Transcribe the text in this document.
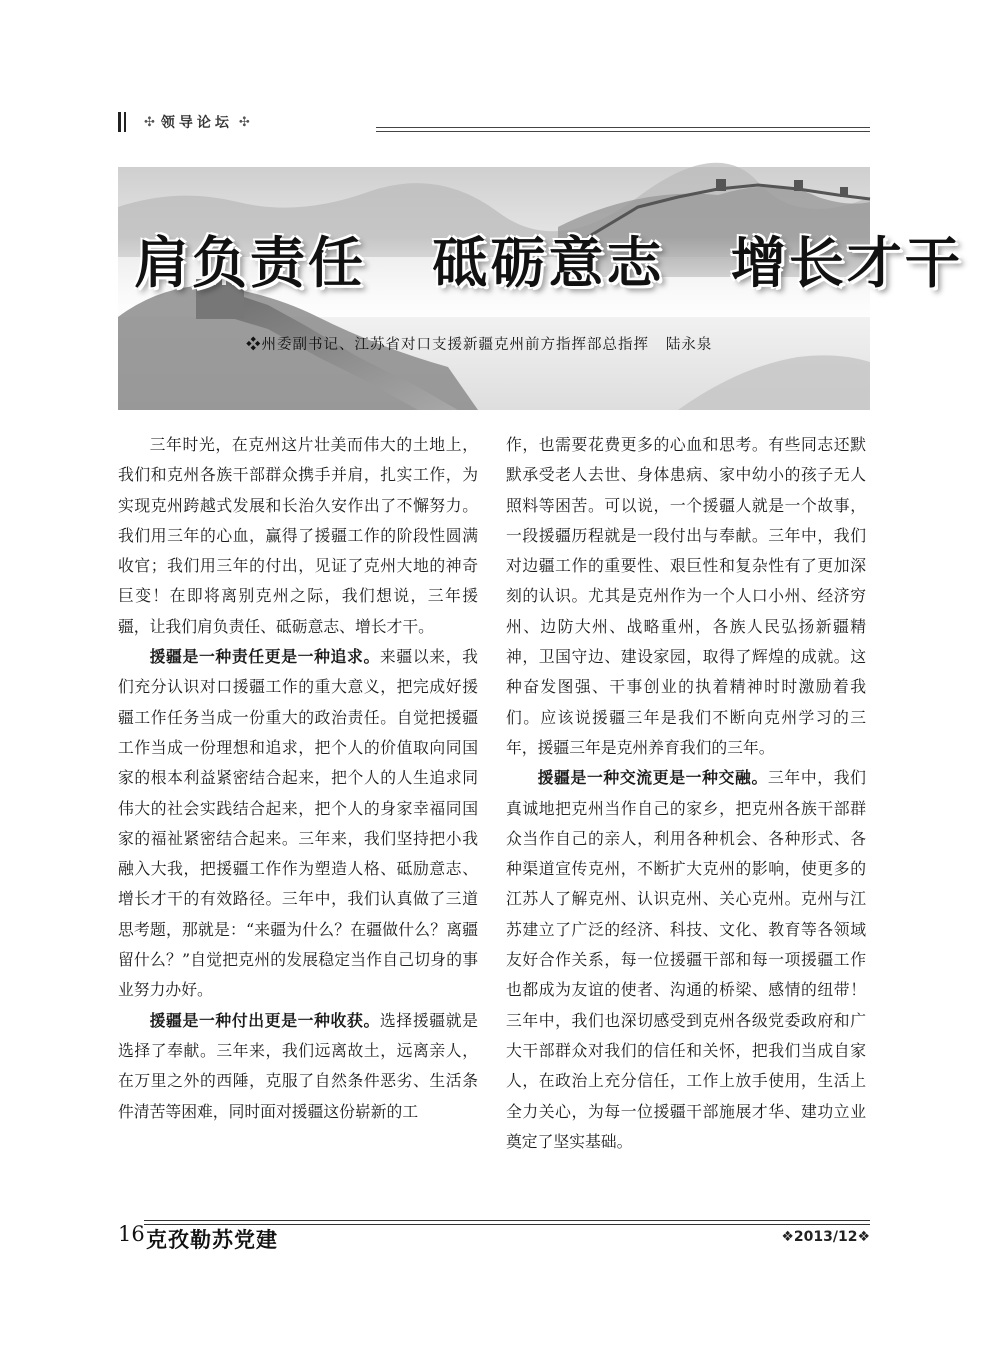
✣ 领导论坛 ✣
肩负责任   砥砺意志   增长才干
❖州委副书记、江苏省对口支援新疆克州前方指挥部总指挥   陆永泉

三年时光，在克州这片壮美而伟大的土地上，我们和克州各族干部群众携手并肩，扎实工作，为实现克州跨越式发展和长治久安作出了不懈努力。我们用三年的心血，赢得了援疆工作的阶段性圆满收官；我们用三年的付出，见证了克州大地的神奇巨变！在即将离别克州之际，我们想说，三年援疆，让我们肩负责任、砥砺意志、增长才干。

援疆是一种责任更是一种追求。来疆以来，我们充分认识对口援疆工作的重大意义，把完成好援疆工作任务当成一份重大的政治责任。自觉把援疆工作当成一份理想和追求，把个人的价值取向同国家的根本利益紧密结合起来，把个人的人生追求同伟大的社会实践结合起来，把个人的身家幸福同国家的福祉紧密结合起来。三年来，我们坚持把小我融入大我，把援疆工作作为塑造人格、砥励意志、增长才干的有效路径。三年中，我们认真做了三道思考题，那就是：“来疆为什么？在疆做什么？离疆留什么？”自觉把克州的发展稳定当作自己切身的事业努力办好。

援疆是一种付出更是一种收获。选择援疆就是选择了奉献。三年来，我们远离故土，远离亲人，在万里之外的西陲，克服了自然条件恶劣、生活条件清苦等困难，同时面对援疆这份崭新的工

作，也需要花费更多的心血和思考。有些同志还默默承受老人去世、身体患病、家中幼小的孩子无人照料等困苦。可以说，一个援疆人就是一个故事，一段援疆历程就是一段付出与奉献。三年中，我们对边疆工作的重要性、艰巨性和复杂性有了更加深刻的认识。尤其是克州作为一个人口小州、经济穷州、边防大州、战略重州，各族人民弘扬新疆精神，卫国守边、建设家园，取得了辉煌的成就。这种奋发图强、干事创业的执着精神时时激励着我们。应该说援疆三年是我们不断向克州学习的三年，援疆三年是克州养育我们的三年。

援疆是一种交流更是一种交融。三年中，我们真诚地把克州当作自己的家乡，把克州各族干部群众当作自己的亲人，利用各种机会、各种形式、各种渠道宣传克州，不断扩大克州的影响，使更多的江苏人了解克州、认识克州、关心克州。克州与江苏建立了广泛的经济、科技、文化、教育等各领域友好合作关系，每一位援疆干部和每一项援疆工作也都成为友谊的使者、沟通的桥梁、感情的纽带！三年中，我们也深切感受到克州各级党委政府和广大干部群众对我们的信任和关怀，把我们当成自家人，在政治上充分信任，工作上放手使用，生活上全力关心，为每一位援疆干部施展才华、建功立业奠定了坚实基础。

16 克孜勒苏党建	❖2013/12❖
